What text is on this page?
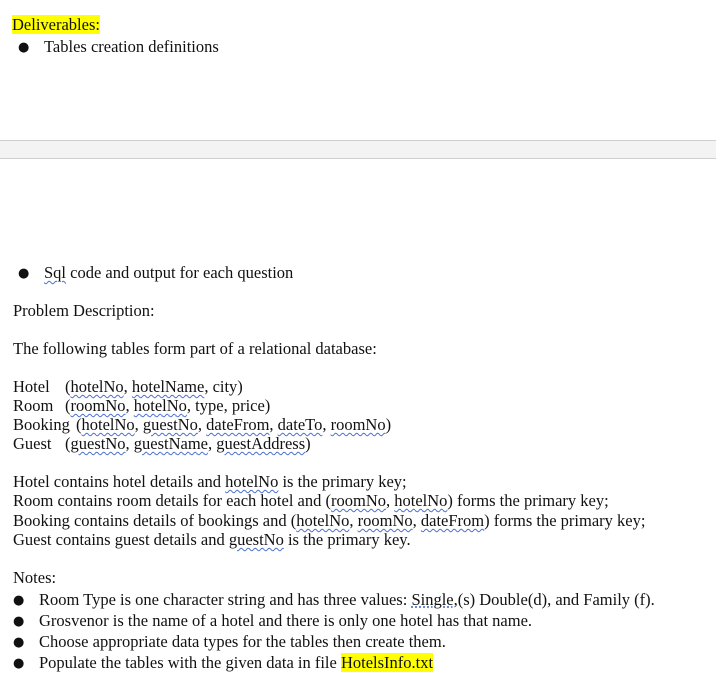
Deliverables:
● Tables creation definitions
● Sql code and output for each question
Problem Description:
The following tables form part of a relational database:
Hotel (hotelNo, hotelName, city)
Room (roomNo, hotelNo, type, price)
Booking (hotelNo, guestNo, dateFrom, dateTo, roomNo)
Guest (guestNo, guestName, guestAddress)
Hotel contains hotel details and hotelNo is the primary key;
Room contains room details for each hotel and (roomNo, hotelNo) forms the primary key;
Booking contains details of bookings and (hotelNo, roomNo, dateFrom) forms the primary key;
Guest contains guest details and guestNo is the primary key.
Notes:
● Room Type is one character string and has three values: Single,(s) Double(d), and Family (f).
● Grosvenor is the name of a hotel and there is only one hotel has that name.
● Choose appropriate data types for the tables then create them.
● Populate the tables with the given data in file HotelsInfo.txt
